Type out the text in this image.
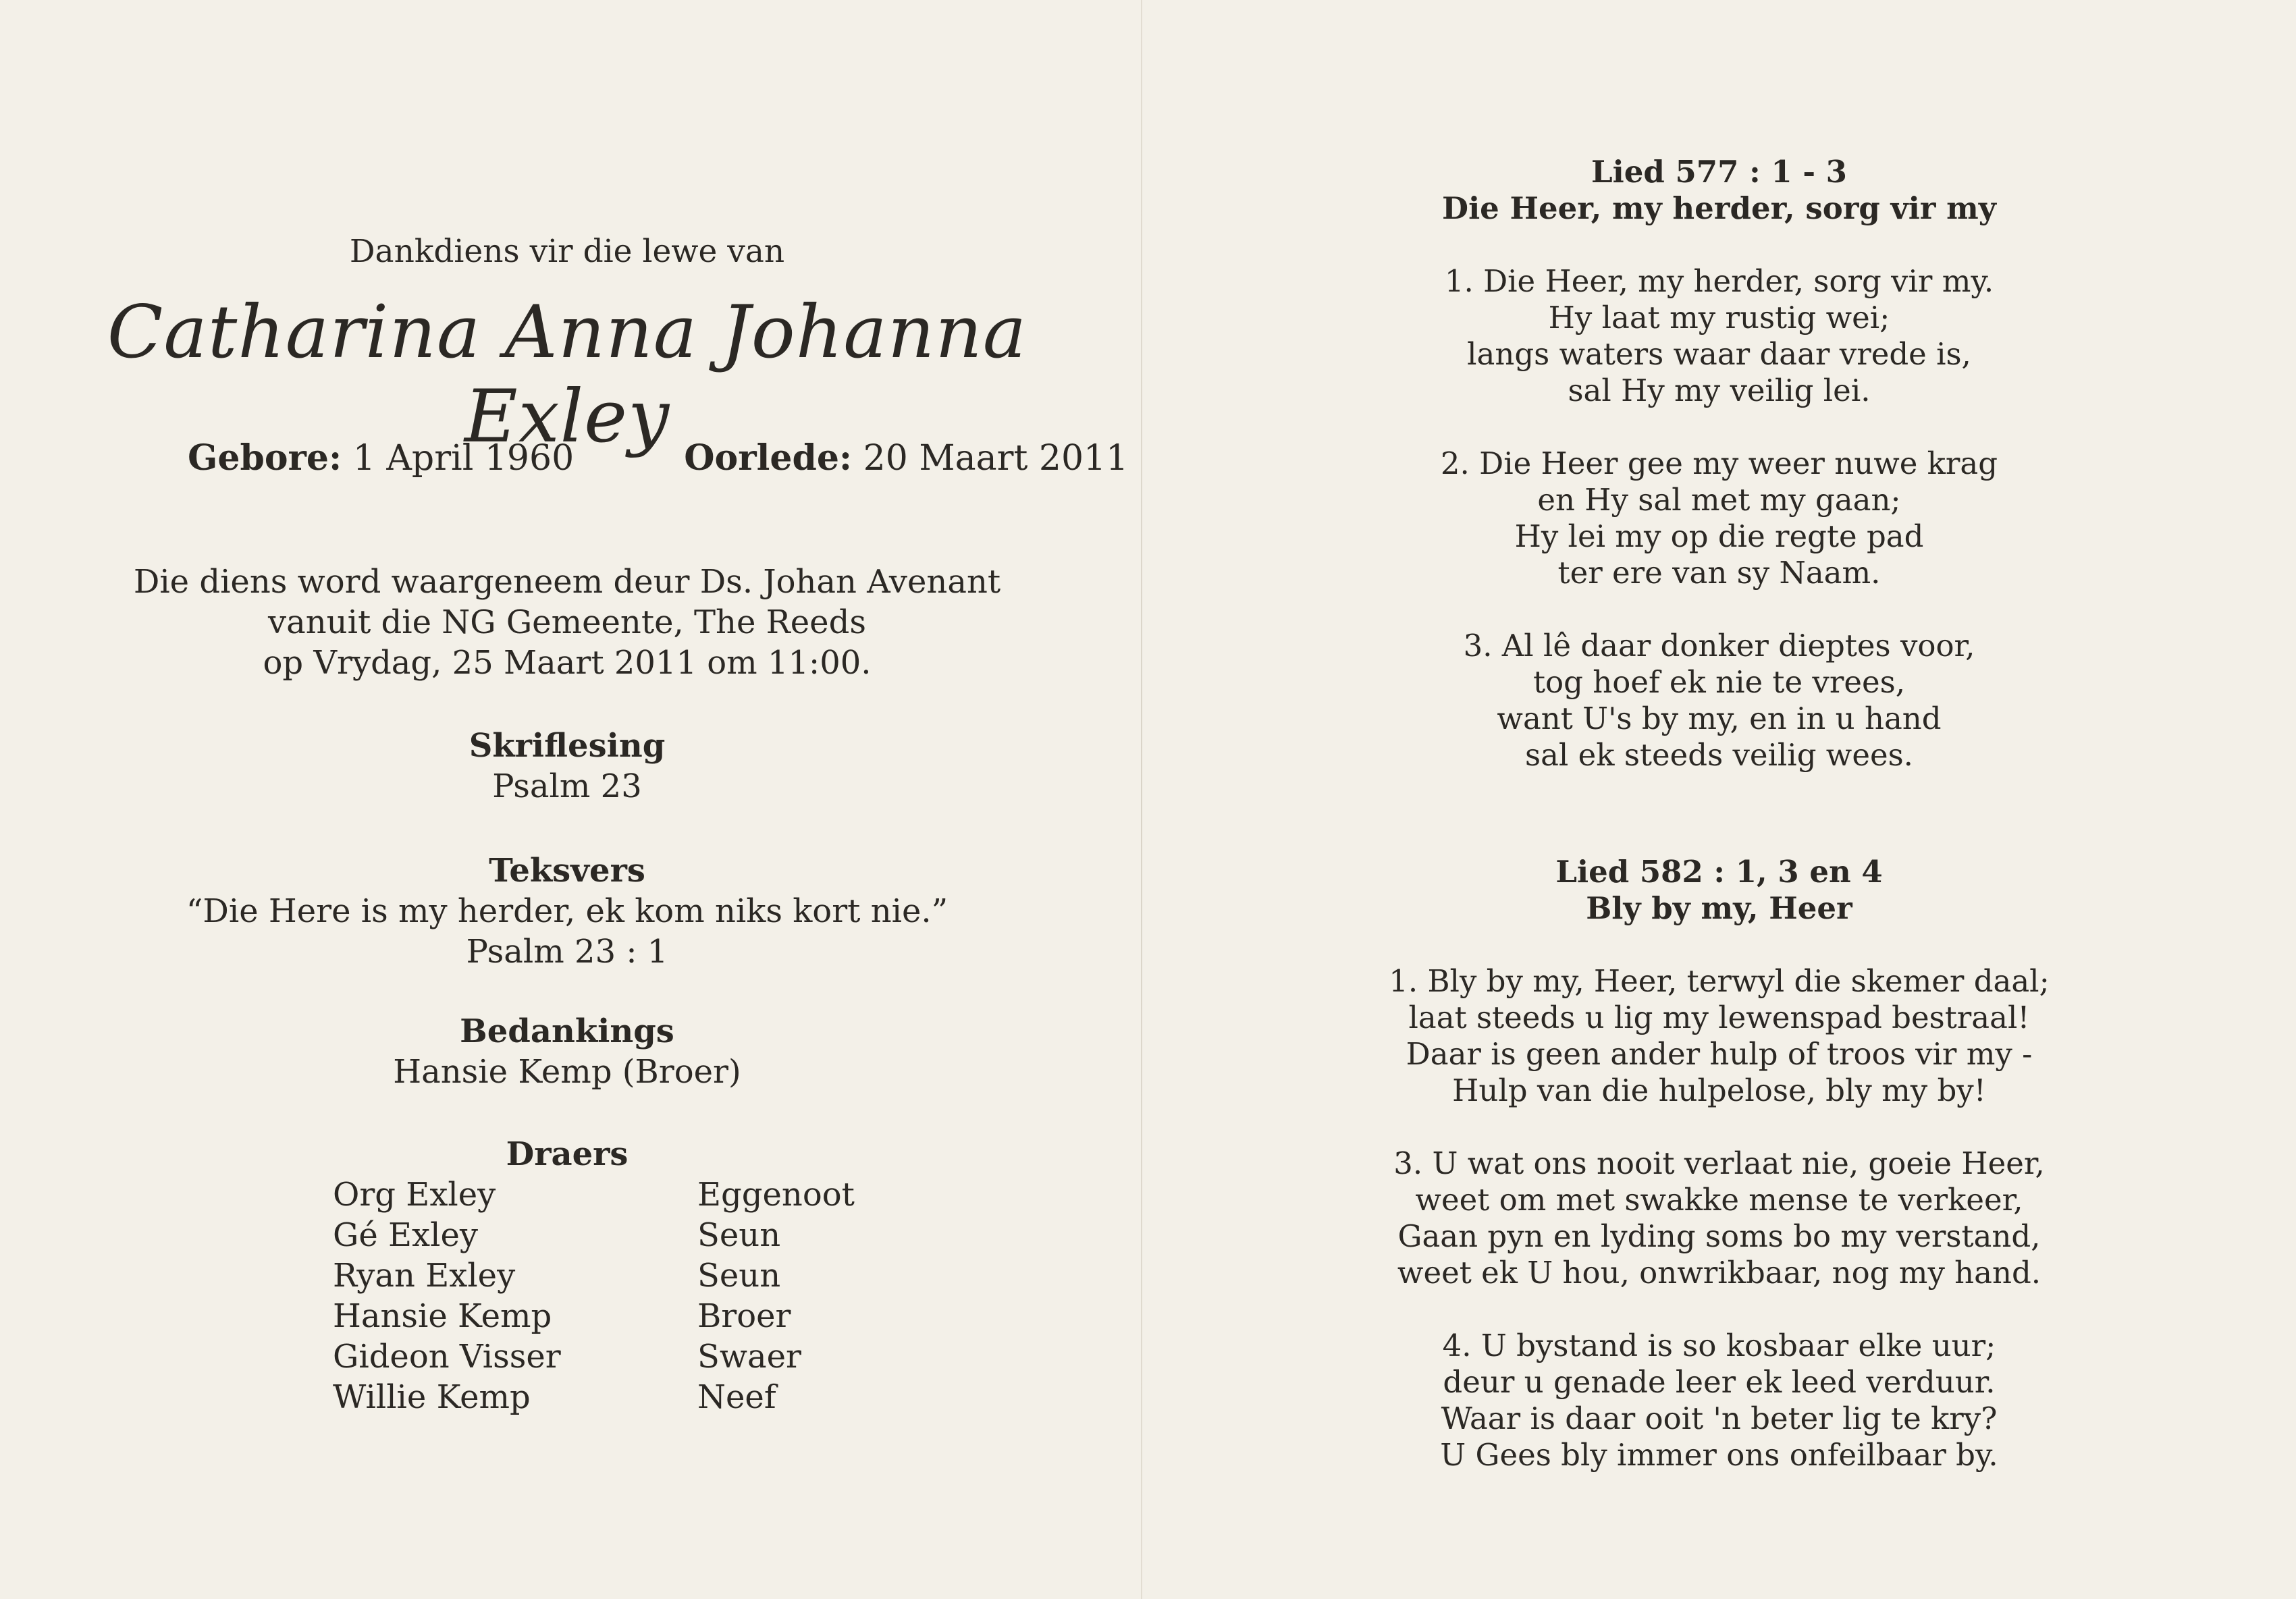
Dankdiens vir die lewe van
Catharina Anna Johanna Exley
Gebore: 1 April 1960	Oorlede: 20 Maart 2011
Die diens word waargeneem deur Ds. Johan Avenant
vanuit die NG Gemeente, The Reeds
op Vrydag, 25 Maart 2011 om 11:00.
Skriflesing
Psalm 23
Teksvers
“Die Here is my herder, ek kom niks kort nie.”
Psalm 23 : 1
Bedankings
Hansie Kemp (Broer)
Draers
Org Exley	Eggenoot
Gé Exley	Seun
Ryan Exley	Seun
Hansie Kemp	Broer
Gideon Visser	Swaer
Willie Kemp	Neef
Lied 577 : 1 - 3
Die Heer, my herder, sorg vir my
1. Die Heer, my herder, sorg vir my.
Hy laat my rustig wei;
langs waters waar daar vrede is,
sal Hy my veilig lei.
2. Die Heer gee my weer nuwe krag
en Hy sal met my gaan;
Hy lei my op die regte pad
ter ere van sy Naam.
3. Al lê daar donker dieptes voor,
tog hoef ek nie te vrees,
want U's by my, en in u hand
sal ek steeds veilig wees.
Lied 582 : 1, 3 en 4
Bly by my, Heer
1. Bly by my, Heer, terwyl die skemer daal;
laat steeds u lig my lewenspad bestraal!
Daar is geen ander hulp of troos vir my -
Hulp van die hulpelose, bly my by!
3. U wat ons nooit verlaat nie, goeie Heer,
weet om met swakke mense te verkeer,
Gaan pyn en lyding soms bo my verstand,
weet ek U hou, onwrikbaar, nog my hand.
4. U bystand is so kosbaar elke uur;
deur u genade leer ek leed verduur.
Waar is daar ooit 'n beter lig te kry?
U Gees bly immer ons onfeilbaar by.
